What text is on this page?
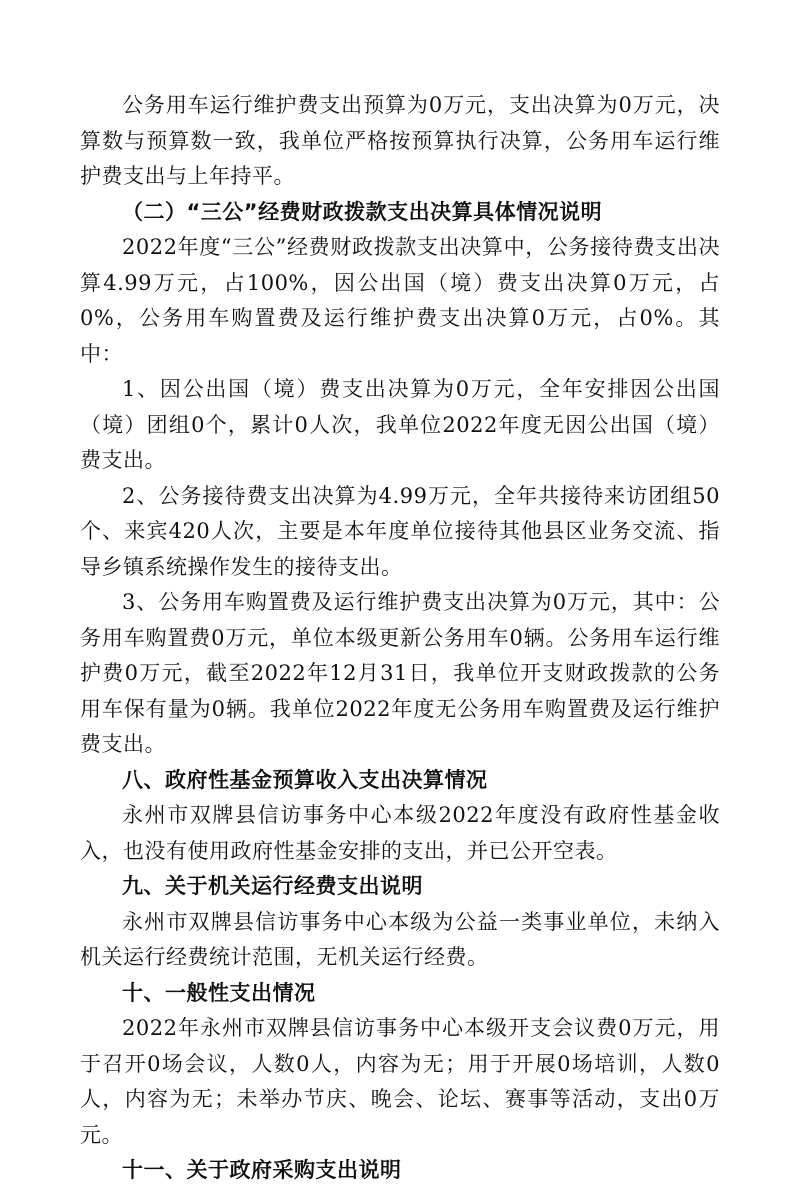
公务用车运行维护费支出预算为0万元，支出决算为0万元，决算数与预算数一致，我单位严格按预算执行决算，公务用车运行维护费支出与上年持平。

（二）“三公”经费财政拨款支出决算具体情况说明

2022年度“三公”经费财政拨款支出决算中，公务接待费支出决算4.99万元，占100%，因公出国（境）费支出决算0万元，占0%，公务用车购置费及运行维护费支出决算0万元，占0%。其中：

1、因公出国（境）费支出决算为0万元，全年安排因公出国（境）团组0个，累计0人次，我单位2022年度无因公出国（境）费支出。

2、公务接待费支出决算为4.99万元，全年共接待来访团组50个、来宾420人次，主要是本年度单位接待其他县区业务交流、指导乡镇系统操作发生的接待支出。

3、公务用车购置费及运行维护费支出决算为0万元，其中：公务用车购置费0万元，单位本级更新公务用车0辆。公务用车运行维护费0万元，截至2022年12月31日，我单位开支财政拨款的公务用车保有量为0辆。我单位2022年度无公务用车购置费及运行维护费支出。

八、政府性基金预算收入支出决算情况

永州市双牌县信访事务中心本级2022年度没有政府性基金收入，也没有使用政府性基金安排的支出，并已公开空表。

九、关于机关运行经费支出说明

永州市双牌县信访事务中心本级为公益一类事业单位，未纳入机关运行经费统计范围，无机关运行经费。

十、一般性支出情况

2022年永州市双牌县信访事务中心本级开支会议费0万元，用于召开0场会议，人数0人，内容为无；用于开展0场培训，人数0人，内容为无；未举办节庆、晚会、论坛、赛事等活动，支出0万元。

十一、关于政府采购支出说明
